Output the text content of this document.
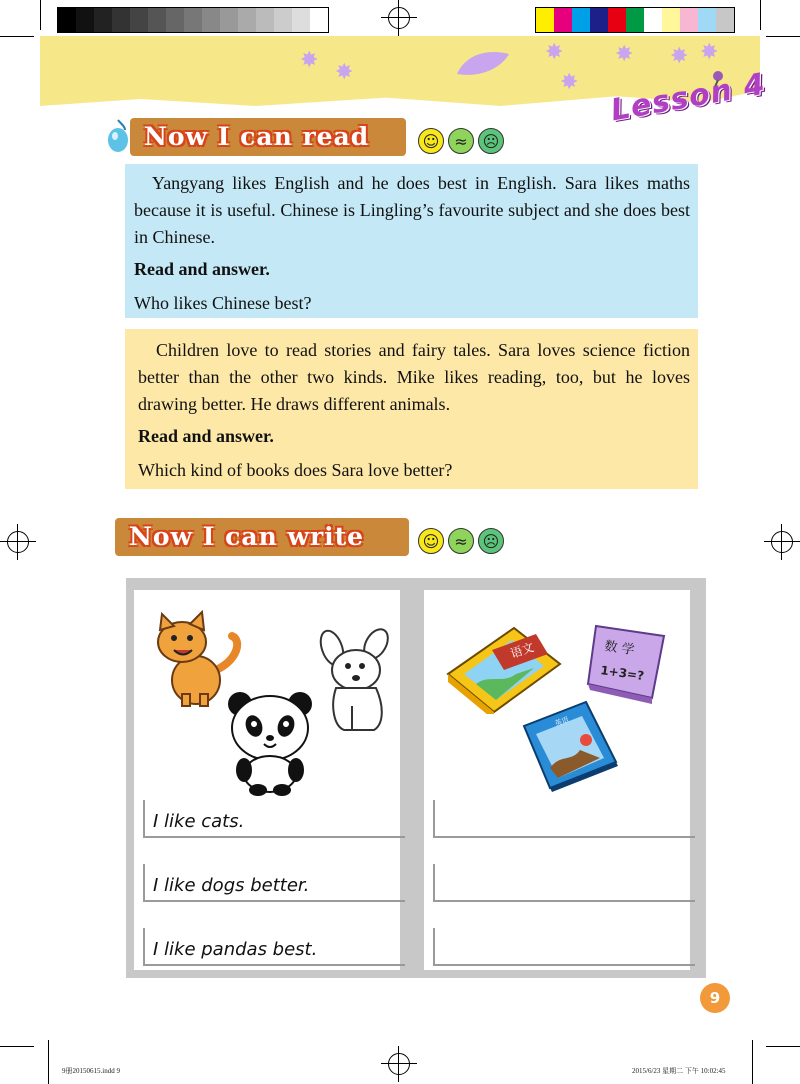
✸ ✸
✸
✸
✸ ✸ ✸
Lesson 4
Now I can read	☺ ≈ ☹
Yangyang likes English and he does best in English. Sara likes maths because it is useful. Chinese is Lingling’s favourite subject and she does best in Chinese.
Read and answer.
Who likes Chinese best?
Children love to read stories and fairy tales. Sara loves science fiction better than the other two kinds. Mike likes reading, too, but he loves drawing better. He draws different animals.
Read and answer.
Which kind of books does Sara love better?
Now I can write	☺ ≈ ☹
I like cats.
I like dogs better.
I like pandas best.
语文	数 学
1+3=?
英语
9
9册20150615.indd 9	2015/6/23 星期二 下午 10:02:45
